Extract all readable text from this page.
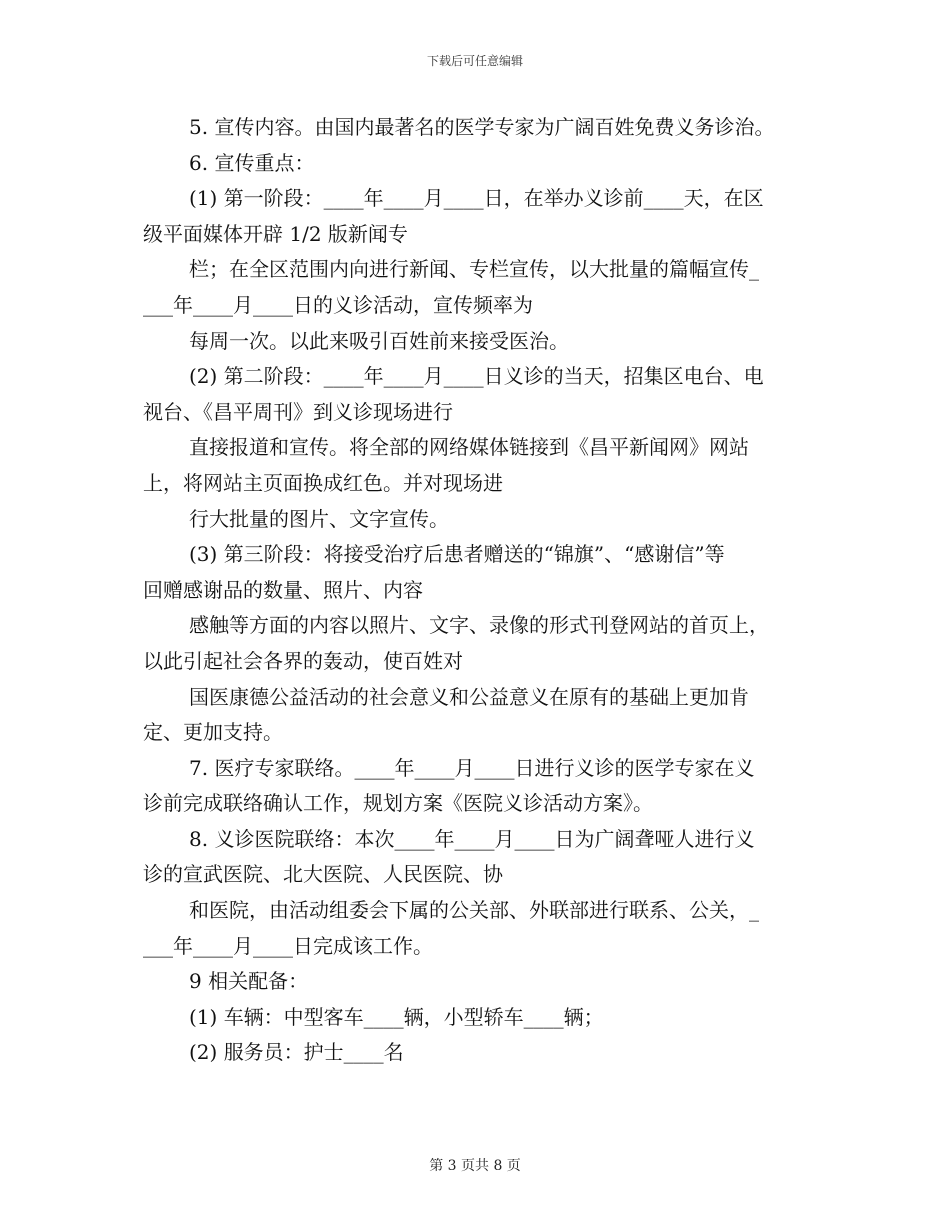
下载后可任意编辑
5. 宣传内容。由国内最著名的医学专家为广阔百姓免费义务诊治。
6. 宣传重点：
(1) 第一阶段：____年____月____日，在举办义诊前____天，在区
级平面媒体开辟 1/2 版新闻专
栏；在全区范围内向进行新闻、专栏宣传，以大批量的篇幅宣传_
___年____月____日的义诊活动，宣传频率为
每周一次。以此来吸引百姓前来接受医治。
(2) 第二阶段：____年____月____日义诊的当天，招集区电台、电
视台、《昌平周刊》到义诊现场进行
直接报道和宣传。将全部的网络媒体链接到《昌平新闻网》网站
上，将网站主页面换成红色。并对现场进
行大批量的图片、文字宣传。
(3) 第三阶段：将接受治疗后患者赠送的“锦旗”、“感谢信”等
回赠感谢品的数量、照片、内容
感触等方面的内容以照片、文字、录像的形式刊登网站的首页上，
以此引起社会各界的轰动，使百姓对
国医康德公益活动的社会意义和公益意义在原有的基础上更加肯
定、更加支持。
7. 医疗专家联络。____年____月____日进行义诊的医学专家在义
诊前完成联络确认工作，规划方案《医院义诊活动方案》。
8. 义诊医院联络：本次____年____月____日为广阔聋哑人进行义
诊的宣武医院、北大医院、人民医院、协
和医院，由活动组委会下属的公关部、外联部进行联系、公关，_
___年____月____日完成该工作。
9 相关配备：
(1) 车辆：中型客车____辆，小型轿车____辆；
(2) 服务员：护士____名
第 3 页共 8 页
